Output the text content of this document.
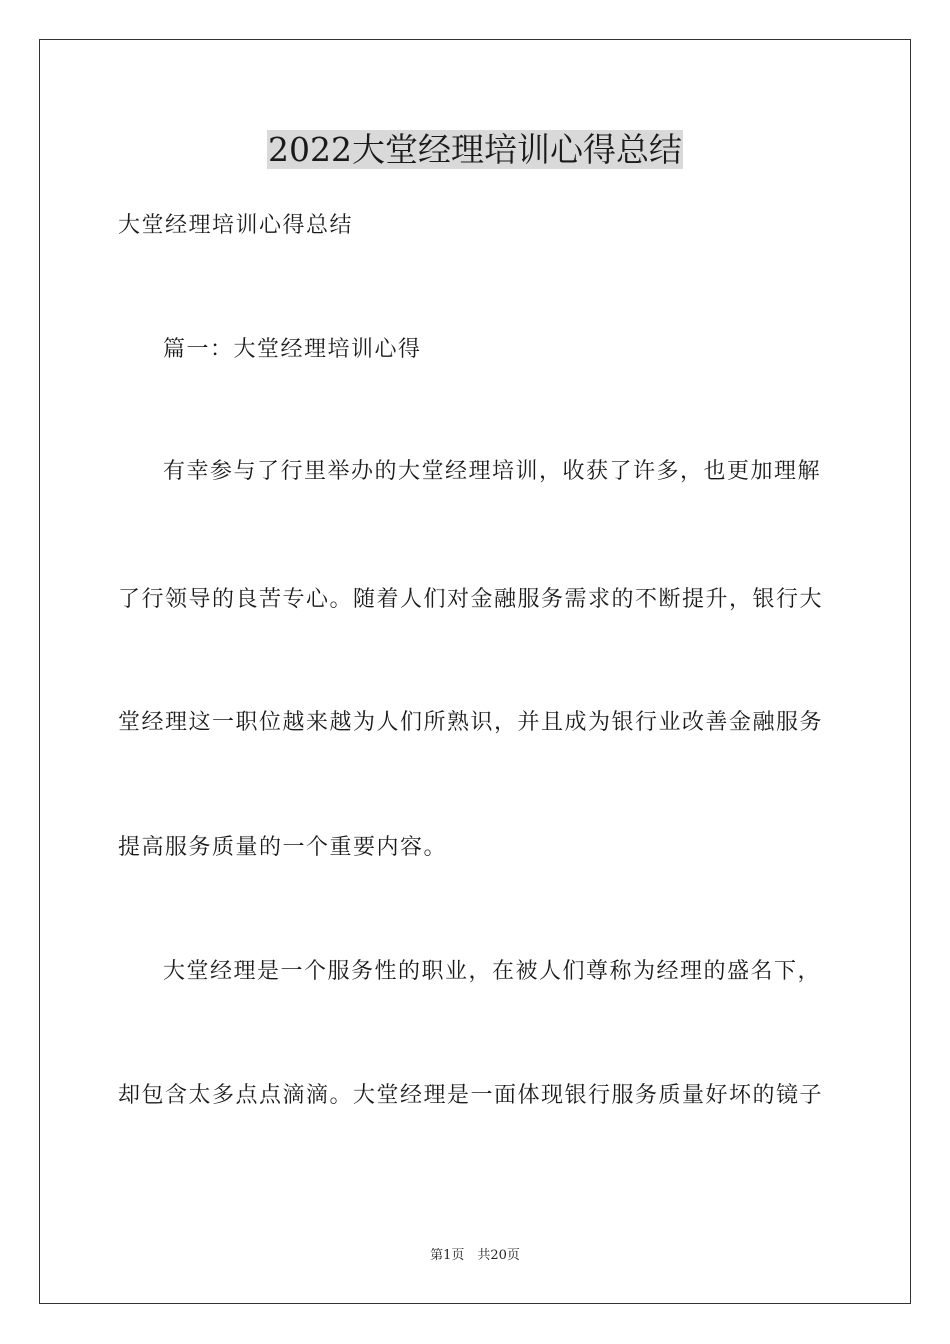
2022大堂经理培训心得总结
大堂经理培训心得总结
篇一：大堂经理培训心得
有幸参与了行里举办的大堂经理培训，收获了许多，也更加理解
了行领导的良苦专心。随着人们对金融服务需求的不断提升，银行大
堂经理这一职位越来越为人们所熟识，并且成为银行业改善金融服务
提高服务质量的一个重要内容。
大堂经理是一个服务性的职业，在被人们尊称为经理的盛名下，
却包含太多点点滴滴。大堂经理是一面体现银行服务质量好坏的镜子
第1页　共20页
